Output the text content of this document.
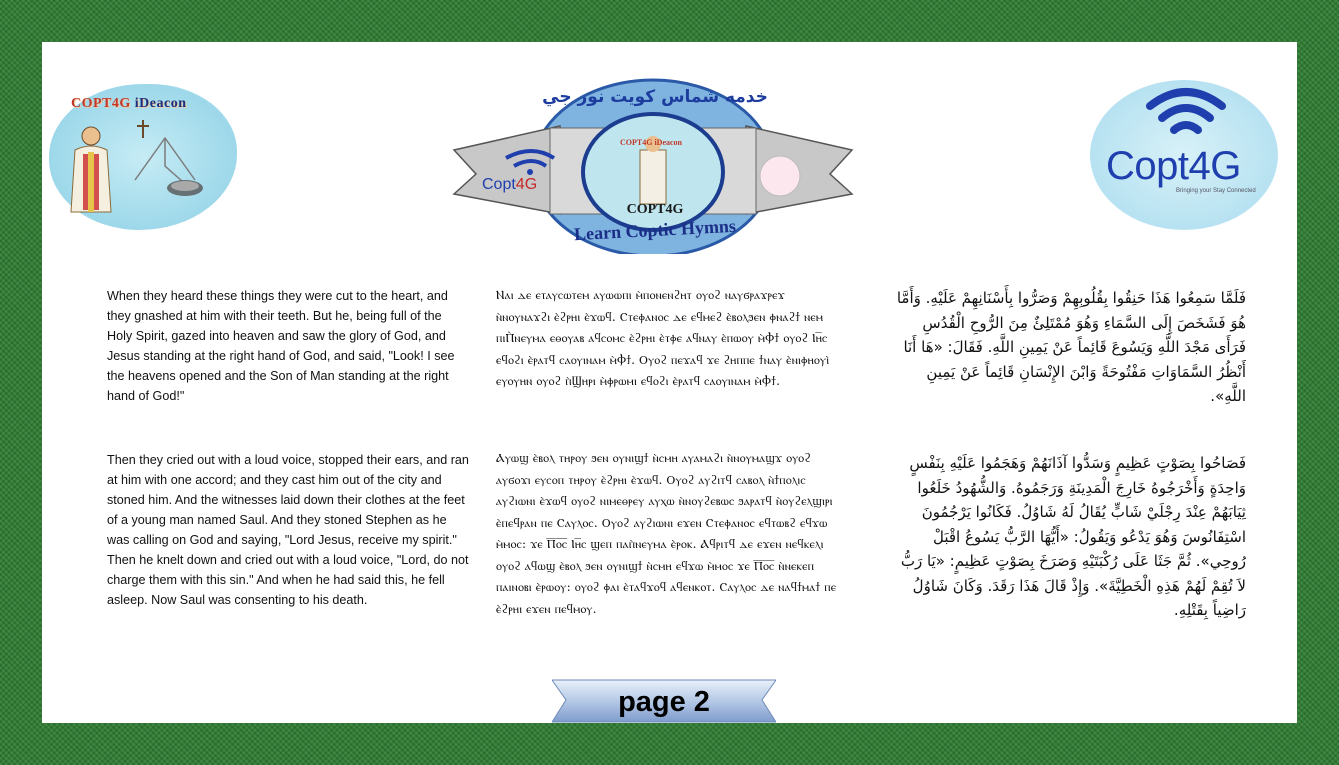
COPT4G iDeacon	خدمه شماس كويت نور جي
COPT4G iDeacon
Copt4G
COPT4G
Learn Coptic Hymns
Copt4G
Bringing your Stay Connected
When they heard these things they were cut to the heart, and they gnashed at him with their teeth. But he, being full of the Holy Spirit, gazed into heaven and saw the glory of God, and Jesus standing at the right hand of God, and said, "Look! I see the heavens opened and the Son of Man standing at the right hand of God!"
Then they cried out with a loud voice, stopped their ears, and ran at him with one accord; and they cast him out of the city and stoned him. And the witnesses laid down their clothes at the feet of a young man named Saul. And they stoned Stephen as he was calling on God and saying, "Lord Jesus, receive my spirit." Then he knelt down and cried out with a loud voice, "Lord, do not charge them with this sin." And when he had said this, he fell asleep. Now Saul was consenting to his death.
Ⲛⲁⲓ ⲇⲉ ⲉⲧⲁⲩⲥⲱⲧⲉⲙ ⲁⲩⲱⲱⲡⲓ ⲙ̀ⲡⲟⲛⲉⲛϩⲏⲧ ⲟⲩⲟϩ ⲛⲁⲩϭⲣⲁϫⲣⲉϫ ⲛ̀ⲛⲟⲩⲛⲁϫϩⲓ ⲉ̀ϩⲣⲏⲓ ⲉ̀ϫⲱϥ. Ⲥⲧⲉⲫⲁⲛⲟⲥ ⲇⲉ ⲉϥⲙⲉϩ ⲉ̀ⲃⲟⲗϧⲉⲛ ⲫⲛⲁϩϯ ⲛⲉⲙ ⲡⲓⲠ̀ⲛⲉⲩⲙⲁ ⲉⲑⲟⲩⲁⲃ ⲁϥⲥⲟⲙⲥ ⲉ̀ϩⲣⲏⲓ ⲉ̀ⲧⲫⲉ ⲁϥⲛⲁⲩ ⲉ̀ⲡⲱⲟⲩ ⲙ̀Ⲫϯ ⲟⲩⲟϩ Ⲓⲏ̅ⲥ ⲉϥⲟϩⲓ ⲉ̀ⲣⲁⲧϥ ⲥⲁⲟⲩⲓⲛⲁⲙ ⲙ̀Ⲫϯ. Ⲟⲩⲟϩ ⲡⲉϫⲁϥ ϫⲉ ϩⲏⲡⲡⲉ ϯⲛⲁⲩ ⲉ̀ⲛⲓⲫⲏⲟⲩⲓ̀ ⲉⲩⲟⲩⲏⲛ ⲟⲩⲟϩ ⲡ̀Ϣⲏⲣⲓ ⲙ̀ⲫⲣⲱⲙⲓ ⲉϥⲟϩⲓ ⲉ̀ⲣⲁⲧϥ ⲥⲁⲟⲩⲓⲛⲁⲙ ⲙ̀Ⲫϯ.
Ⲁⲩⲱϣ ⲉ̀ⲃⲟⲗ ⲧⲏⲣⲟⲩ ϧⲉⲛ ⲟⲩⲛⲓϣϯ ⲛ̀ⲥⲙⲏ ⲁⲩⲁⲙⲁϩⲓ ⲛ̀ⲛⲟⲩⲙⲁϣϫ ⲟⲩⲟϩ ⲁⲩϭⲟϫⲓ ⲉⲩⲥⲟⲡ ⲧⲏⲣⲟⲩ ⲉ̀ϩⲣⲏⲓ ⲉ̀ϫⲱϥ. Ⲟⲩⲟϩ ⲁⲩϩⲓⲧϥ ⲥⲁⲃⲟⲗ ⲛ̀ϯⲡⲟⲗⲓⲥ ⲁⲩϩⲓⲱⲛⲓ ⲉ̀ϫⲱϥ ⲟⲩⲟϩ ⲛⲓⲙⲉⲑⲣⲉⲩ ⲁⲩⲭⲱ ⲛ̀ⲛⲟⲩϩⲉⲃⲱⲥ ϧⲁⲣⲁⲧϥ ⲛ̀ⲟⲩϩⲉⲗϣⲓⲣⲓ ⲉ̀ⲡⲉϥⲣⲁⲛ ⲡⲉ Ⲥⲁⲩⲗⲟⲥ. Ⲟⲩⲟϩ ⲁⲩϩⲓⲱⲛⲓ ⲉϫⲉⲛ Ⲥⲧⲉⲫⲁⲛⲟⲥ ⲉϥⲧⲱⲃϩ ⲉϥϫⲱ ⲙ̀ⲙⲟⲥ: ϫⲉ Ⲡ̅ⲟ̅ⲥ̅ Ⲓⲏ̅ⲥ ϣⲉⲡ ⲡⲁⲡ̀ⲛⲉⲩⲙⲁ ⲉ̀ⲣⲟⲕ. Ⲁϥⲣⲓⲧϥ ⲇⲉ ⲉϫⲉⲛ ⲛⲉϥⲕⲉⲗⲓ ⲟⲩⲟϩ ⲁϥⲱϣ ⲉ̀ⲃⲟⲗ ϧⲉⲛ ⲟⲩⲛⲓϣϯ ⲛ̀ⲥⲙⲏ ⲉϥϫⲱ ⲙ̀ⲙⲟⲥ ϫⲉ Ⲡ̅ⲟ̅ⲥ̅ ⲛ̀ⲛⲉⲕⲉⲡ ⲡⲁⲓⲛⲟⲃⲓ ⲉ̀ⲣⲱⲟⲩ: ⲟⲩⲟϩ ⲫⲁⲓ ⲉ̀ⲧⲁϥϫⲟϥ ⲁϥⲉⲛⲕⲟⲧ. Ⲥⲁⲩⲗⲟⲥ ⲇⲉ ⲛⲁϥϯⲙⲁϯ ⲡⲉ ⲉ̀ϩⲣⲏⲓ ⲉϫⲉⲛ ⲡⲉϥⲙⲟⲩ.
فَلَمَّا سَمِعُوا هَذَا حَنِقُوا بِقُلُوبِهِمْ وَصَرُّوا بِأَسْنَانِهِمْ عَلَيْهِ. وَأَمَّا هُوَ فَشَخَصَ إِلَى السَّمَاءِ وَهُوَ مُمْتَلِئٌ مِنَ الرُّوحِ الْقُدُسِ فَرَأَى مَجْدَ اللَّهِ وَيَسُوعَ قَائِماً عَنْ يَمِينِ اللَّهِ. فَقَالَ: «هَا أَنَا أَنْظُرُ السَّمَاوَاتِ مَفْتُوحَةً وَابْنَ الإِنْسَانِ قَائِماً عَنْ يَمِينِ اللَّهِ».
فَصَاحُوا بِصَوْتٍ عَظِيمٍ وَسَدُّوا آذَانَهُمْ وَهَجَمُوا عَلَيْهِ بِنَفْسٍ وَاحِدَةٍ وَأَخْرَجُوهُ خَارِجَ الْمَدِينَةِ وَرَجَمُوهُ. وَالشُّهُودُ خَلَعُوا ثِيَابَهُمْ عِنْدَ رِجْلَيْ شَابٍّ يُقَالُ لَهُ شَاوُلُ. فَكَانُوا يَرْجُمُونَ اسْتِفَانُوسَ وَهُوَ يَدْعُو وَيَقُولُ: «أَيُّهَا الرَّبُّ يَسُوعُ اقْبَلْ رُوحِي». ثُمَّ جَثَا عَلَى رُكْبَتَيْهِ وَصَرَخَ بِصَوْتٍ عَظِيمٍ: «يَا رَبُّ لاَ تُقِمْ لَهُمْ هَذِهِ الْخَطِيَّةَ». وَإِذْ قَالَ هَذَا رَقَدَ. وَكَانَ شَاوُلُ رَاضِياً بِقَتْلِهِ.
page 2
